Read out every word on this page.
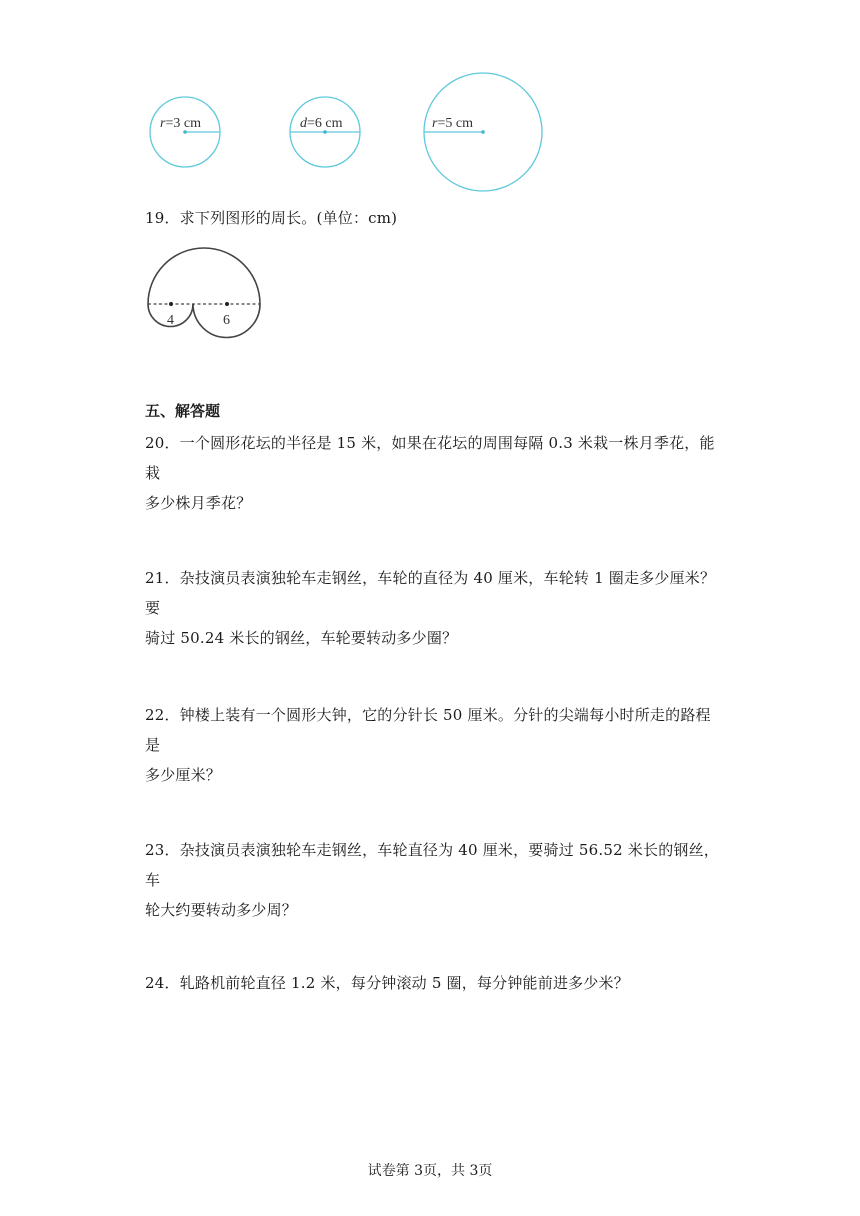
r=3 cm	d=6 cm	r=5 cm
19．求下列图形的周长。(单位：cm)
4	6
五、解答题
20．一个圆形花坛的半径是 15 米，如果在花坛的周围每隔 0.3 米栽一株月季花，能栽
多少株月季花？
21．杂技演员表演独轮车走钢丝，车轮的直径为 40 厘米，车轮转 1 圈走多少厘米？要
骑过 50.24 米长的钢丝，车轮要转动多少圈？
22．钟楼上装有一个圆形大钟，它的分针长 50 厘米。分针的尖端每小时所走的路程是
多少厘米？
23．杂技演员表演独轮车走钢丝，车轮直径为 40 厘米，要骑过 56.52 米长的钢丝，车
轮大约要转动多少周？
24．轧路机前轮直径 1.2 米，每分钟滚动 5 圈，每分钟能前进多少米？
试卷第 3页，共 3页
